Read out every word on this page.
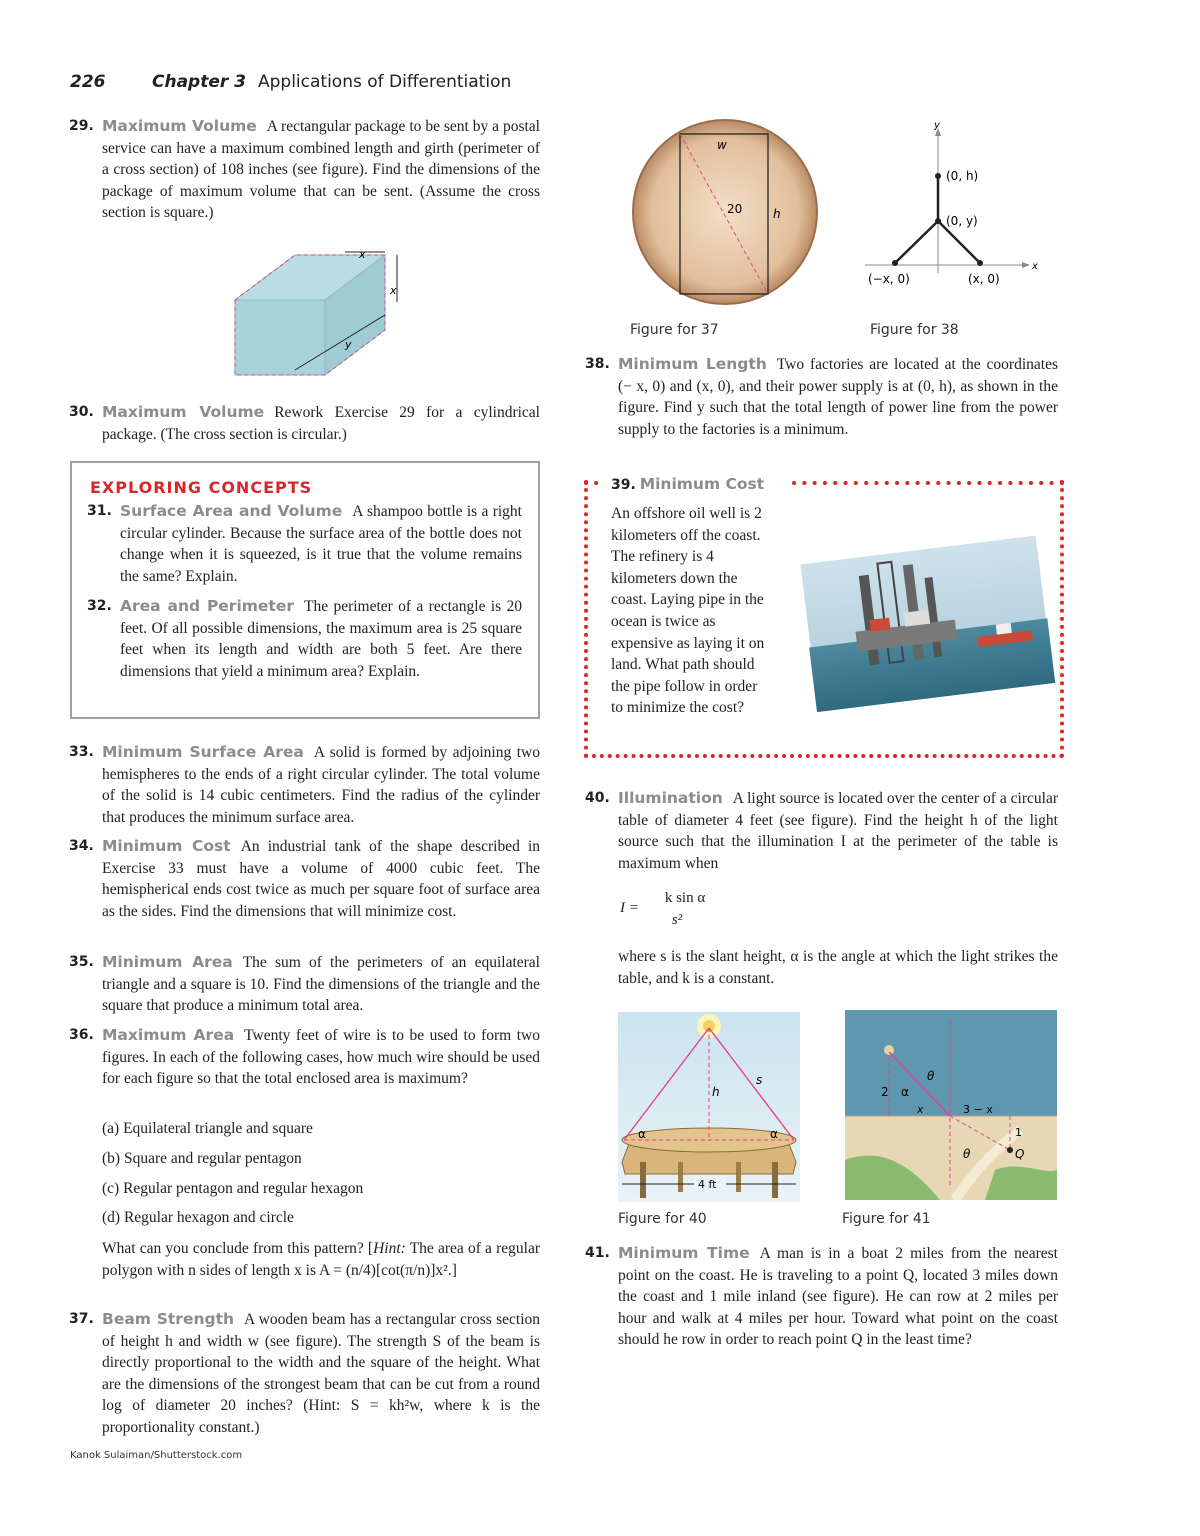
226	Chapter 3 Applications of Differentiation
29. Maximum Volume A rectangular package to be sent by a postal service can have a maximum combined length and girth (perimeter of a cross section) of 108 inches (see figure). Find the dimensions of the package of maximum volume that can be sent. (Assume the cross section is square.)
x
x
y
30. Maximum Volume Rework Exercise 29 for a cylindrical package. (The cross section is circular.)
EXPLORING CONCEPTS
31. Surface Area and Volume A shampoo bottle is a right circular cylinder. Because the surface area of the bottle does not change when it is squeezed, is it true that the volume remains the same? Explain.
32. Area and Perimeter The perimeter of a rectangle is 20 feet. Of all possible dimensions, the maximum area is 25 square feet when its length and width are both 5 feet. Are there dimensions that yield a minimum area? Explain.
33. Minimum Surface Area A solid is formed by adjoining two hemispheres to the ends of a right circular cylinder. The total volume of the solid is 14 cubic centimeters. Find the radius of the cylinder that produces the minimum surface area.
34. Minimum Cost An industrial tank of the shape described in Exercise 33 must have a volume of 4000 cubic feet. The hemispherical ends cost twice as much per square foot of surface area as the sides. Find the dimensions that will minimize cost.
35. Minimum Area The sum of the perimeters of an equilateral triangle and a square is 10. Find the dimensions of the triangle and the square that produce a minimum total area.
36. Maximum Area Twenty feet of wire is to be used to form two figures. In each of the following cases, how much wire should be used for each figure so that the total enclosed area is maximum?
(a) Equilateral triangle and square
(b) Square and regular pentagon
(c) Regular pentagon and regular hexagon
(d) Regular hexagon and circle
What can you conclude from this pattern? [Hint: The area of a regular polygon with n sides of length x is A = (n/4)[cot(π/n)]x².]
37. Beam Strength A wooden beam has a rectangular cross section of height h and width w (see figure). The strength S of the beam is directly proportional to the width and the square of the height. What are the dimensions of the strongest beam that can be cut from a round log of diameter 20 inches? (Hint: S = kh²w, where k is the proportionality constant.)
Kanok Sulaiman/Shutterstock.com
w
20	h
Figure for 37
y
x
(0, h)
(0, y)
(−x, 0)	(x, 0)
Figure for 38
38. Minimum Length Two factories are located at the coordinates (− x, 0) and (x, 0), and their power supply is at (0, h), as shown in the figure. Find y such that the total length of power line from the power supply to the factories is a minimum.
39. Minimum Cost
An offshore oil well is 2 kilometers off the coast. The refinery is 4 kilometers down the coast. Laying pipe in the ocean is twice as expensive as laying it on land. What path should the pipe follow in order to minimize the cost?
40. Illumination A light source is located over the center of a circular table of diameter 4 feet (see figure). Find the height h of the light source such that the illumination I at the perimeter of the table is maximum when
I =
k sin α
s²
where s is the slant height, α is the angle at which the light strikes the table, and k is a constant.
h
s
α	α
4 ft
Figure for 40
2 α
θ
x	3 − x
1
θ	Q
Figure for 41
41. Minimum Time A man is in a boat 2 miles from the nearest point on the coast. He is traveling to a point Q, located 3 miles down the coast and 1 mile inland (see figure). He can row at 2 miles per hour and walk at 4 miles per hour. Toward what point on the coast should he row in order to reach point Q in the least time?
